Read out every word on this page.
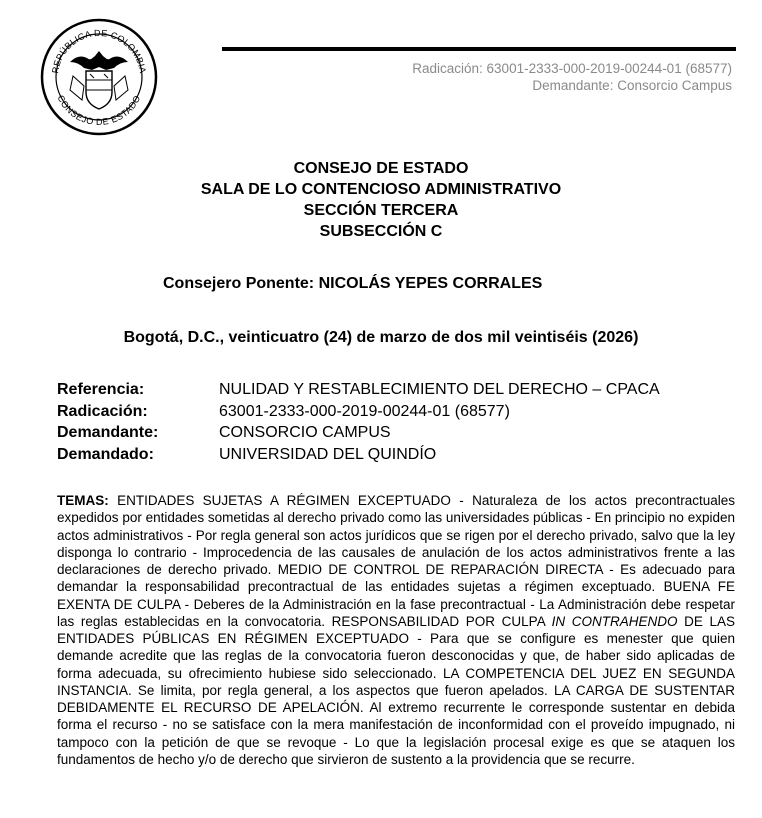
REPÚBLICA DE COLOMBIA
CONSEJO DE ESTADO
Radicación: 63001-2333-000-2019-00244-01 (68577)
Demandante: Consorcio Campus
CONSEJO DE ESTADO
SALA DE LO CONTENCIOSO ADMINISTRATIVO
SECCIÓN TERCERA
SUBSECCIÓN C
Consejero Ponente: NICOLÁS YEPES CORRALES
Bogotá, D.C., veinticuatro (24) de marzo de dos mil veintiséis (2026)
Referencia:	NULIDAD Y RESTABLECIMIENTO DEL DERECHO – CPACA
Radicación:	63001-2333-000-2019-00244-01 (68577)
Demandante:	CONSORCIO CAMPUS
Demandado:	UNIVERSIDAD DEL QUINDÍO

TEMAS: ENTIDADES SUJETAS A RÉGIMEN EXCEPTUADO - Naturaleza de los actos precontractuales expedidos por entidades sometidas al derecho privado como las universidades públicas - En principio no expiden actos administrativos - Por regla general son actos jurídicos que se rigen por el derecho privado, salvo que la ley disponga lo contrario - Improcedencia de las causales de anulación de los actos administrativos frente a las declaraciones de derecho privado. MEDIO DE CONTROL DE REPARACIÓN DIRECTA - Es adecuado para demandar la responsabilidad precontractual de las entidades sujetas a régimen exceptuado. BUENA FE EXENTA DE CULPA - Deberes de la Administración en la fase precontractual - La Administración debe respetar las reglas establecidas en la convocatoria. RESPONSABILIDAD POR CULPA IN CONTRAHENDO DE LAS ENTIDADES PÚBLICAS EN RÉGIMEN EXCEPTUADO - Para que se configure es menester que quien demande acredite que las reglas de la convocatoria fueron desconocidas y que, de haber sido aplicadas de forma adecuada, su ofrecimiento hubiese sido seleccionado. LA COMPETENCIA DEL JUEZ EN SEGUNDA INSTANCIA. Se limita, por regla general, a los aspectos que fueron apelados. LA CARGA DE SUSTENTAR DEBIDAMENTE EL RECURSO DE APELACIÓN. Al extremo recurrente le corresponde sustentar en debida forma el recurso - no se satisface con la mera manifestación de inconformidad con el proveído impugnado, ni tampoco con la petición de que se revoque - Lo que la legislación procesal exige es que se ataquen los fundamentos de hecho y/o de derecho que sirvieron de sustento a la providencia que se recurre.
